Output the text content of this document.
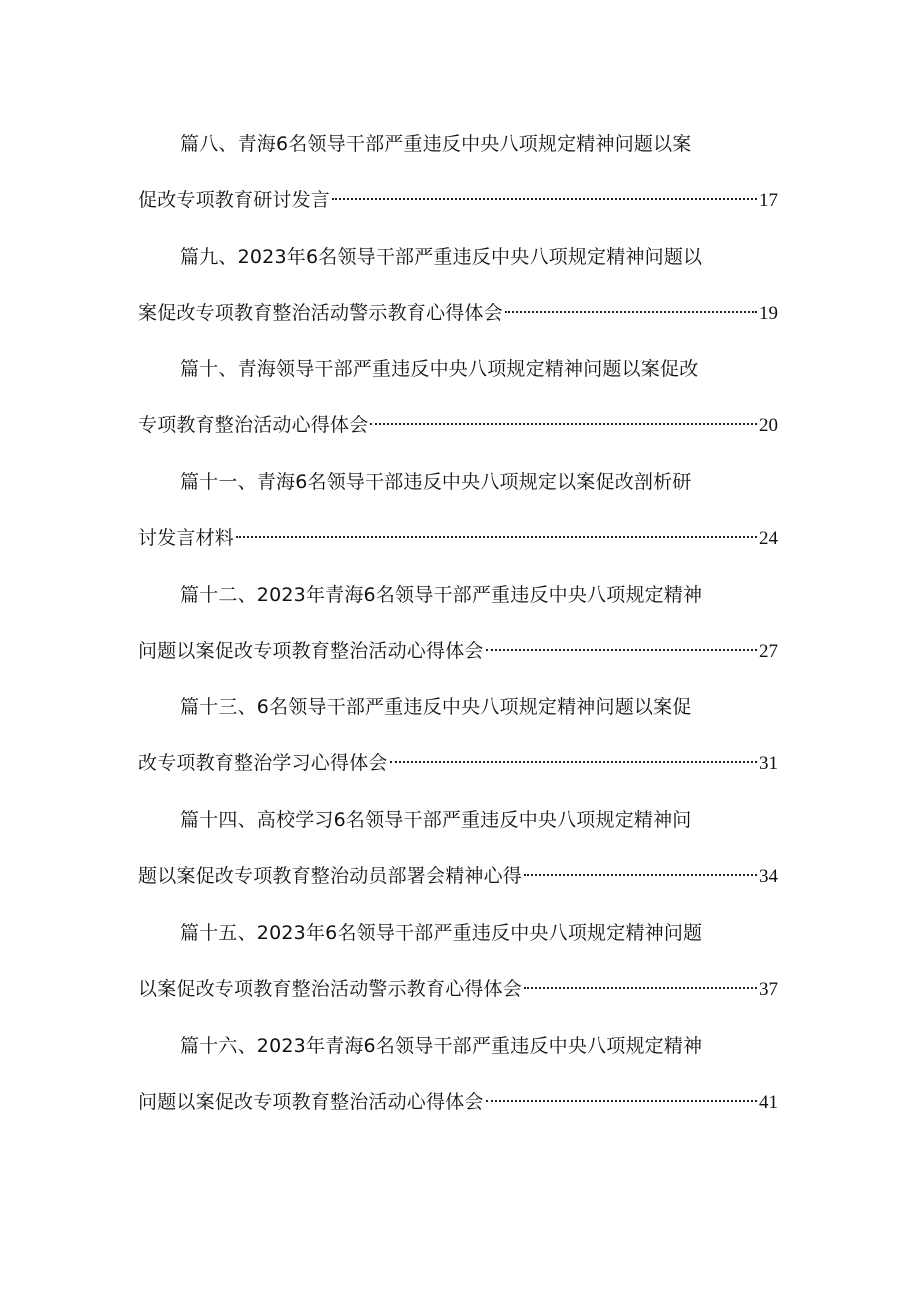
篇八、青海6名领导干部严重违反中央八项规定精神问题以案
促改专项教育研讨发言	17
篇九、2023年6名领导干部严重违反中央八项规定精神问题以
案促改专项教育整治活动警示教育心得体会	19
篇十、青海领导干部严重违反中央八项规定精神问题以案促改
专项教育整治活动心得体会	20
篇十一、青海6名领导干部违反中央八项规定以案促改剖析研
讨发言材料	24
篇十二、2023年青海6名领导干部严重违反中央八项规定精神
问题以案促改专项教育整治活动心得体会	27
篇十三、6名领导干部严重违反中央八项规定精神问题以案促
改专项教育整治学习心得体会	31
篇十四、高校学习6名领导干部严重违反中央八项规定精神问
题以案促改专项教育整治动员部署会精神心得	34
篇十五、2023年6名领导干部严重违反中央八项规定精神问题
以案促改专项教育整治活动警示教育心得体会	37
篇十六、2023年青海6名领导干部严重违反中央八项规定精神
问题以案促改专项教育整治活动心得体会	41
